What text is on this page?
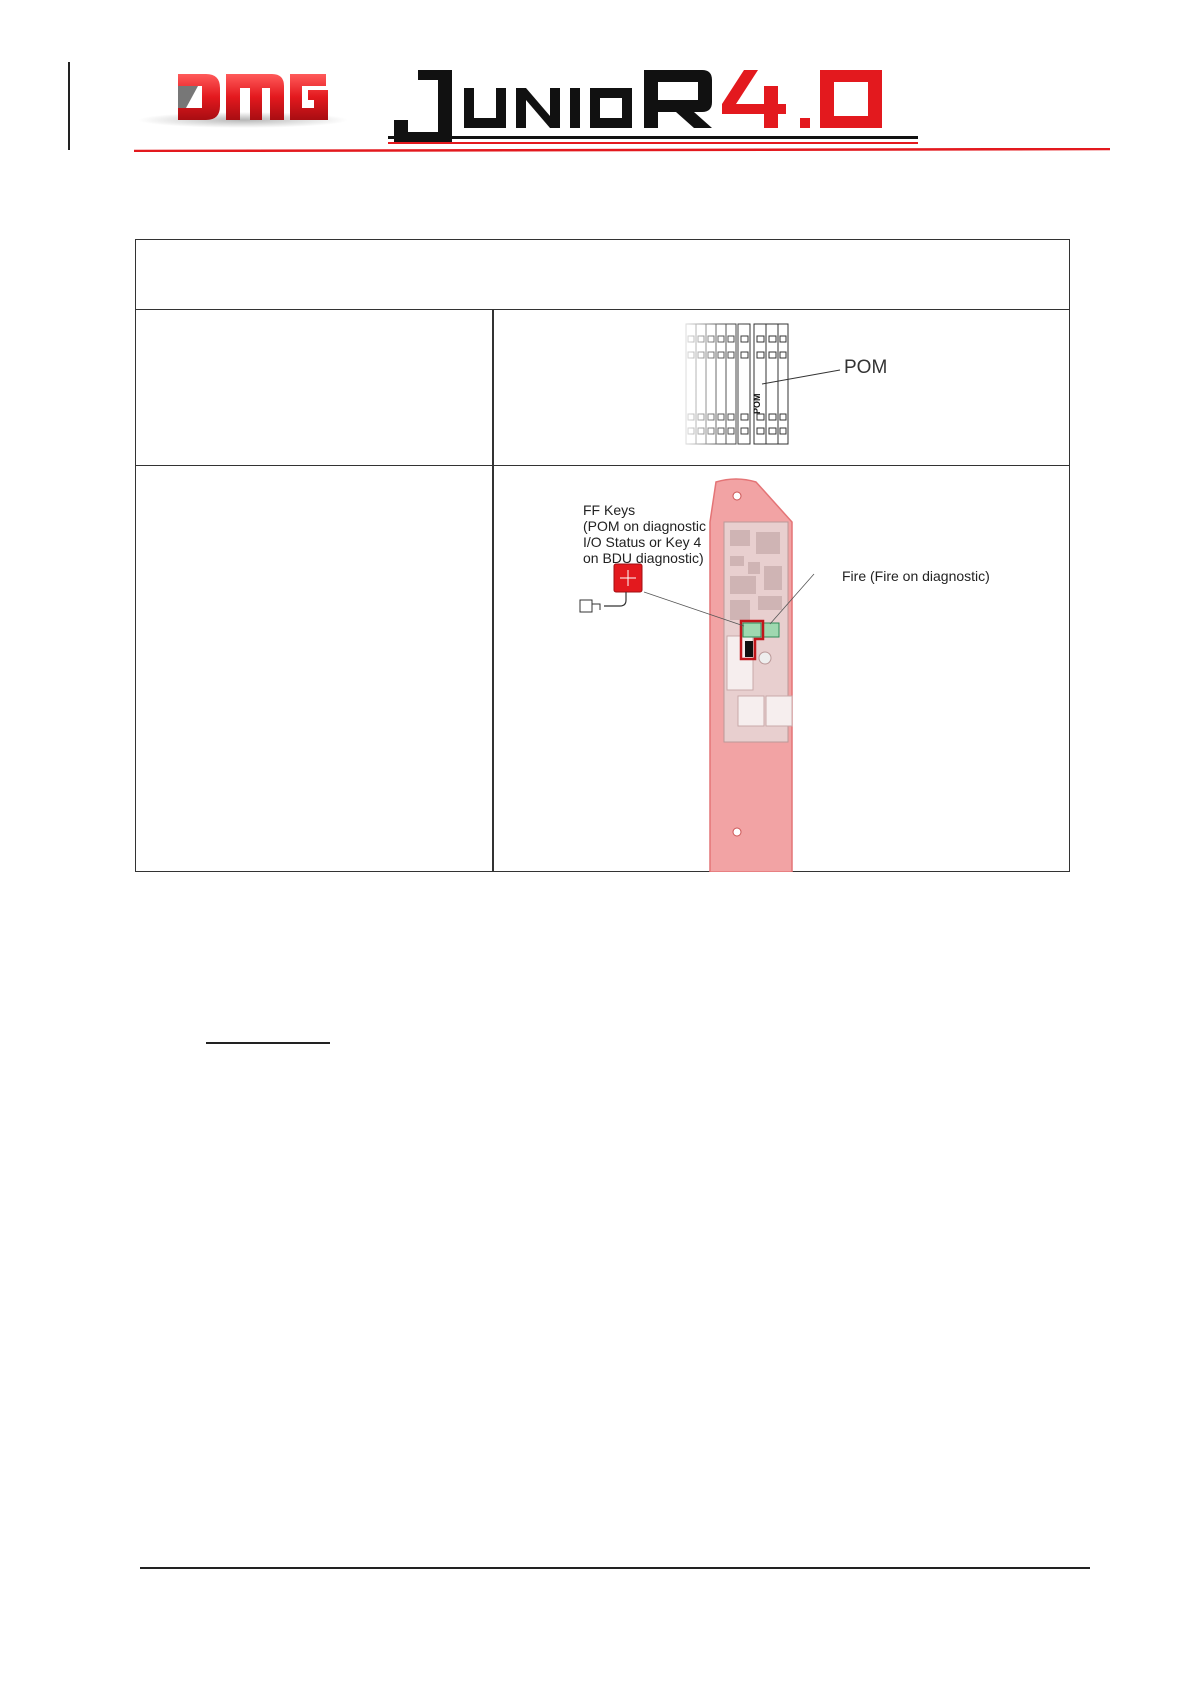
POM
POM
FF Keys
(POM on diagnostic
I/O Status or Key 4
on BDU diagnostic)
Fire (Fire on diagnostic)
